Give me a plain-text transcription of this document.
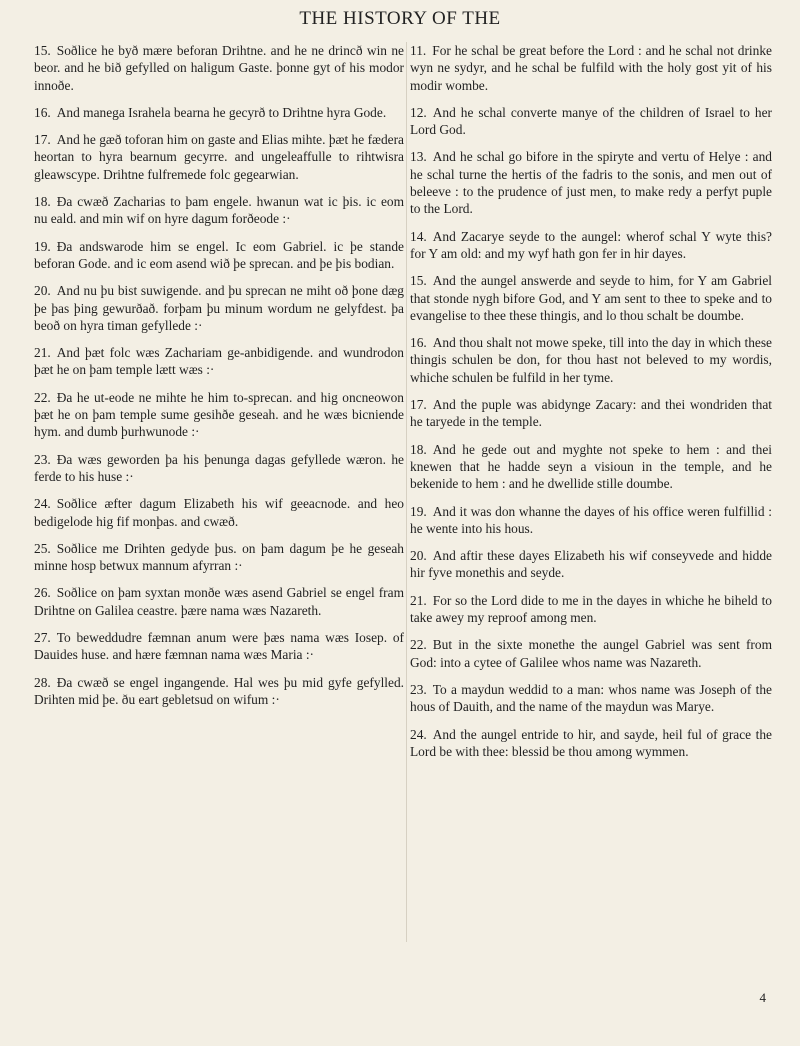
THE HISTORY OF THE

15. Soðlice he byð mære beforan Drihtne. and he ne drincð win ne beor. and he bið gefylled on haligum Gaste. þonne gyt of his modor innoðe.

16. And manega Israhela bearna he gecyrð to Drihtne hyra Gode.

17. And he gæð toforan him on gaste and Elias mihte. þæt he fædera heortan to hyra bearnum gecyrre. and ungeleaffulle to rihtwisra gleawscype. Drihtne fulfremede folc gegearwian.

18. Ða cwæð Zacharias to þam engele. hwanun wat ic þis. ic eom nu eald. and min wif on hyre dagum forðeode :·

19. Ða andswarode him se engel. Ic eom Gabriel. ic þe stande beforan Gode. and ic eom asend wið þe sprecan. and þe þis bodian.

20. And nu þu bist suwigende. and þu sprecan ne miht oð þone dæg þe þas þing gewurðað. forþam þu minum wordum ne gelyfdest. þa beoð on hyra timan gefyllede :·

21. And þæt folc wæs Zachariam ge-anbidigende. and wundrodon þæt he on þam temple lætt wæs :·

22. Ða he ut-eode ne mihte he him to-sprecan. and hig oncneowon þæt he on þam temple sume gesihðe geseah. and he wæs bicniende hym. and dumb þurhwunode :·

23. Ða wæs geworden þa his þenunga dagas gefyllede wæron. he ferde to his huse :·

24. Soðlice æfter dagum Elizabeth his wif geeacnode. and heo bedigelode hig fif monþas. and cwæð.

25. Soðlice me Drihten gedyde þus. on þam dagum þe he geseah minne hosp betwux mannum afyrran :·

26. Soðlice on þam syxtan monðe wæs asend Gabriel se engel fram Drihtne on Galilea ceastre. þære nama wæs Nazareth.

27. To beweddudre fæmnan anum were þæs nama wæs Iosep. of Dauides huse. and hære fæmnan nama wæs Maria :·

28. Ða cwæð se engel ingangende. Hal wes þu mid gyfe gefylled. Drihten mid þe. ðu eart gebletsud on wifum :·

11. For he schal be great before the Lord : and he schal not drinke wyn ne sydyr, and he schal be fulfild with the holy gost yit of his modir wombe.

12. And he schal converte manye of the children of Israel to her Lord God.

13. And he schal go bifore in the spiryte and vertu of Helye : and he schal turne the hertis of the fadris to the sonis, and men out of beleeve : to the prudence of just men, to make redy a perfyt puple to the Lord.

14. And Zacarye seyde to the aungel: wherof schal Y wyte this? for Y am old: and my wyf hath gon fer in hir dayes.

15. And the aungel answerde and seyde to him, for Y am Gabriel that stonde nygh bifore God, and Y am sent to thee to speke and to evangelise to thee these thingis, and lo thou schalt be doumbe.

16. And thou shalt not mowe speke, till into the day in which these thingis schulen be don, for thou hast not beleved to my wordis, whiche schulen be fulfild in her tyme.

17. And the puple was abidynge Zacary: and thei wondriden that he taryede in the temple.

18. And he gede out and myghte not speke to hem : and thei knewen that he hadde seyn a visioun in the temple, and he bekenide to hem : and he dwellide stille doumbe.

19. And it was don whanne the dayes of his office weren fulfillid : he wente into his hous.

20. And aftir these dayes Elizabeth his wif conseyvede and hidde hir fyve monethis and seyde.

21. For so the Lord dide to me in the dayes in whiche he biheld to take awey my reproof among men.

22. But in the sixte monethe the aungel Gabriel was sent from God: into a cytee of Galilee whos name was Nazareth.

23. To a maydun weddid to a man: whos name was Joseph of the hous of Dauith, and the name of the maydun was Marye.

24. And the aungel entride to hir, and sayde, heil ful of grace the Lord be with thee: blessid be thou among wymmen.

4
